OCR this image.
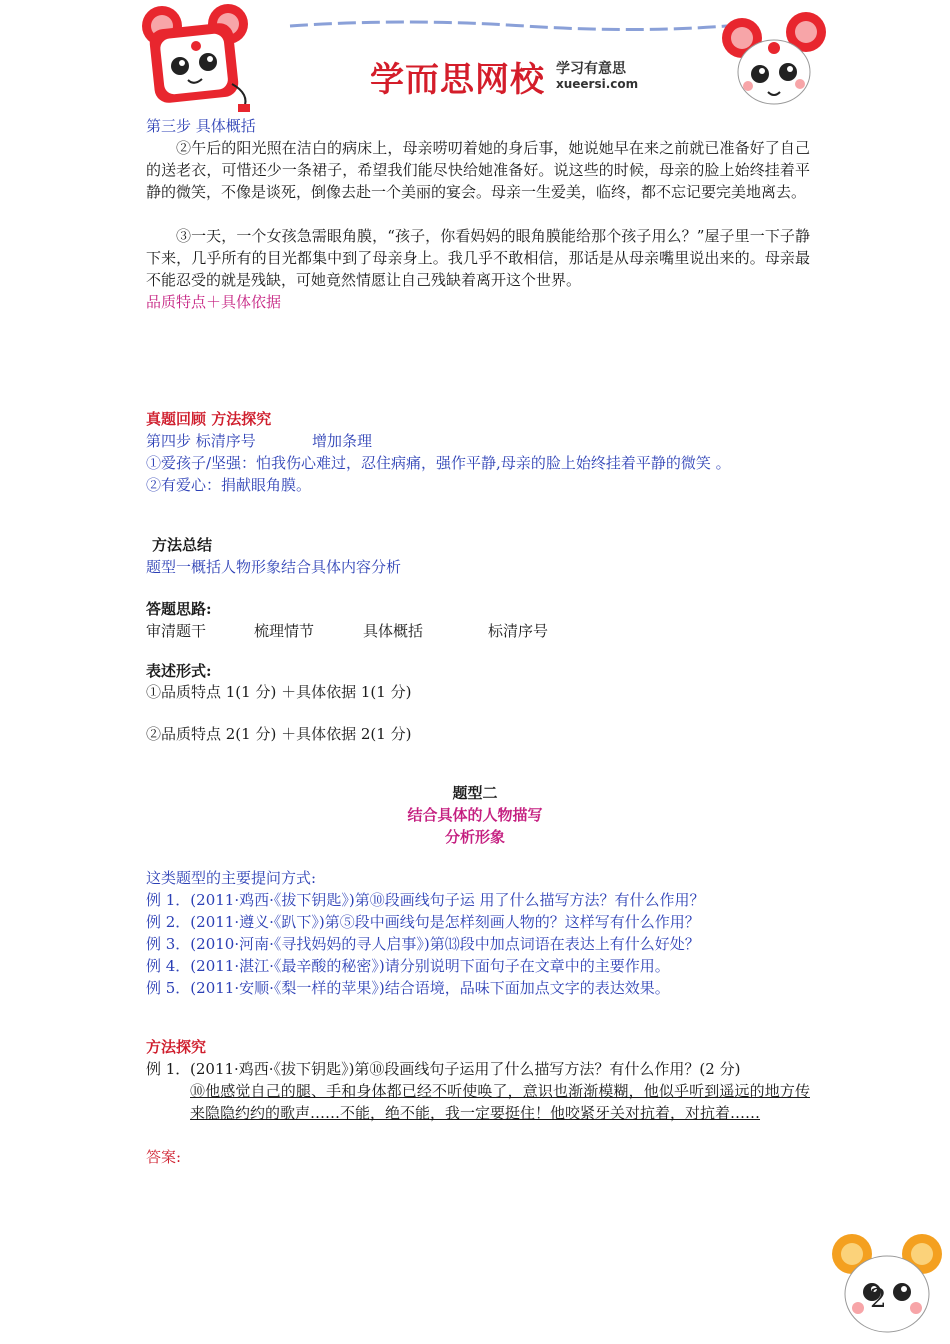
学而思网校 学习有意思
xueersi.com
第三步 具体概括
②午后的阳光照在洁白的病床上，母亲唠叨着她的身后事，她说她早在来之前就已准备好了自己的送老衣，可惜还少一条裙子，希望我们能尽快给她准备好。说这些的时候，母亲的脸上始终挂着平静的微笑，不像是谈死，倒像去赴一个美丽的宴会。母亲一生爱美，临终，都不忘记要完美地离去。
③一天，一个女孩急需眼角膜，“孩子，你看妈妈的眼角膜能给那个孩子用么？”屋子里一下子静下来，几乎所有的目光都集中到了母亲身上。我几乎不敢相信，那话是从母亲嘴里说出来的。母亲最不能忍受的就是残缺，可她竟然情愿让自己残缺着离开这个世界。
品质特点＋具体依据
真题回顾 方法探究
第四步 标清序号	增加条理
①爱孩子/坚强：怕我伤心难过，忍住病痛，强作平静,母亲的脸上始终挂着平静的微笑 。
②有爱心：捐献眼角膜。
方法总结
题型一概括人物形象结合具体内容分析
答题思路:
审清题干	梳理情节	具体概括	标清序号
表述形式:
①品质特点 1(1 分) ＋具体依据 1(1 分)
②品质特点 2(1 分) ＋具体依据 2(1 分)
题型二
结合具体的人物描写
分析形象
这类题型的主要提问方式:
例 1．(2011·鸡西·《拔下钥匙》)第⑩段画线句子运 用了什么描写方法？有什么作用？
例 2．(2011·遵义·《趴下》)第⑤段中画线句是怎样刻画人物的？这样写有什么作用？
例 3．(2010·河南·《寻找妈妈的寻人启事》)第⒀段中加点词语在表达上有什么好处？
例 4．(2011·湛江·《最辛酸的秘密》)请分别说明下面句子在文章中的主要作用。
例 5．(2011·安顺·《梨一样的苹果》)结合语境，品味下面加点文字的表达效果。
方法探究
例 1． (2011·鸡西·《拔下钥匙》)第⑩段画线句子运用了什么描写方法？有什么作用？(2 分)
⑩他感觉自己的腿、手和身体都已经不听使唤了，意识也渐渐模糊，他似乎听到遥远的地方传来隐隐约约的歌声……不能，绝不能，我一定要挺住！他咬紧牙关对抗着，对抗着……
答案:
2
